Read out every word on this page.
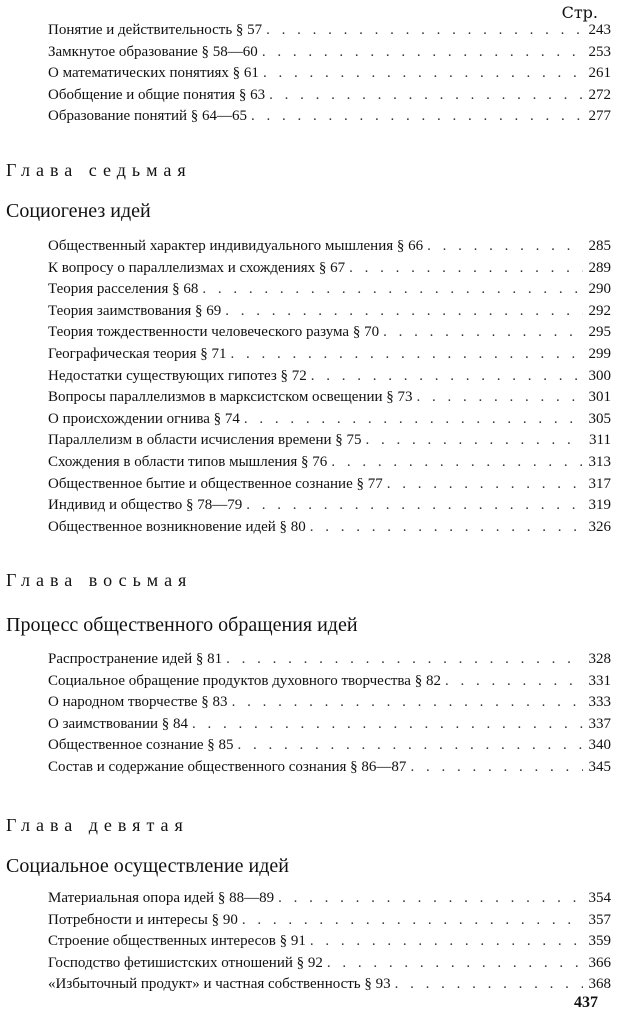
Стр.
Понятие и действительность § 57 . . .	243
Замкнутое образование § 58—60 . . .	253
О математических понятиях § 61 . . .	261
Обобщение и общие понятия § 63 . . .	272
Образование понятий § 64—65 . . .	277
Глава седьмая
Социогенез идей
Общественный характер индивидуального мышления § 66 . . .	285
К вопросу о параллелизмах и схождениях § 67 . . .	289
Теория расселения § 68 . . .	290
Теория заимствования § 69 . . .	292
Теория тождественности человеческого разума § 70 . . .	295
Географическая теория § 71 . . .	299
Недостатки существующих гипотез § 72 . . .	300
Вопросы параллелизмов в марксистском освещении § 73 . . .	301
О происхождении огнива § 74 . . .	305
Параллелизм в области исчисления времени § 75 . . .	311
Схождения в области типов мышления § 76 . . .	313
Общественное бытие и общественное сознание § 77 . . .	317
Индивид и общество § 78—79 . . .	319
Общественное возникновение идей § 80 . . .	326
Глава восьмая
Процесс общественного обращения идей
Распространение идей § 81 . . .	328
Социальное обращение продуктов духовного творчества § 82 . . .	331
О народном творчестве § 83 . . .	333
О заимствовании § 84 . . .	337
Общественное сознание § 85 . . .	340
Состав и содержание общественного сознания § 86—87 . . .	345
Глава девятая
Социальное осуществление идей
Материальная опора идей § 88—89 . . .	354
Потребности и интересы § 90 . . .	357
Строение общественных интересов § 91 . . .	359
Господство фетишистских отношений § 92 . . .	366
«Избыточный продукт» и частная собственность § 93 . . .	368
437
